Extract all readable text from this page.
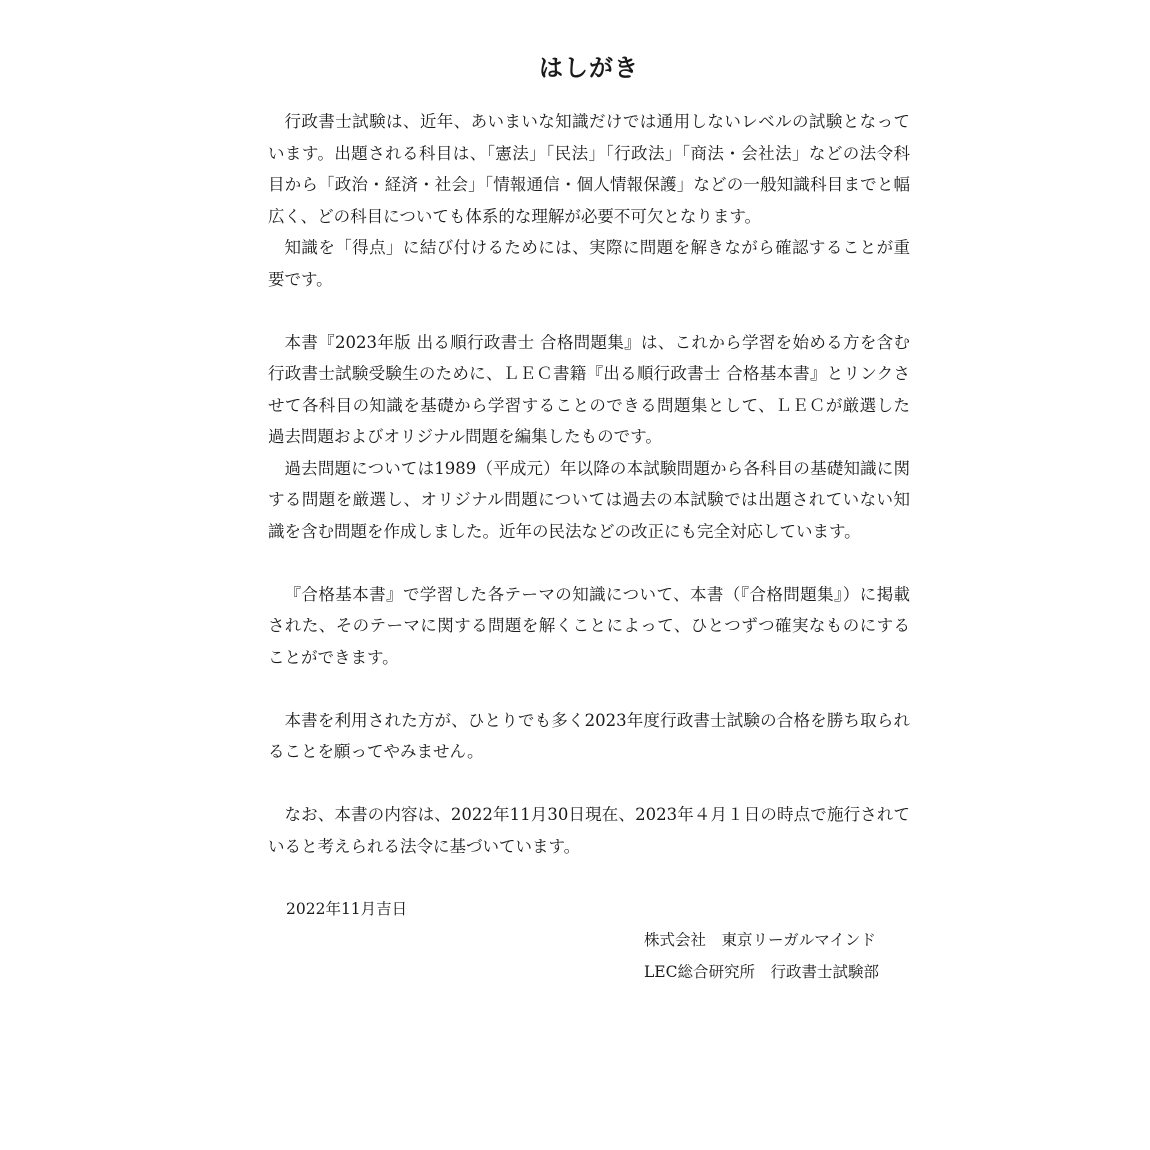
はしがき

行政書士試験は、近年、あいまいな知識だけでは通用しないレベルの試験となっています。出題される科目は、「憲法」「民法」「行政法」「商法・会社法」などの法令科目から「政治・経済・社会」「情報通信・個人情報保護」などの一般知識科目までと幅広く、どの科目についても体系的な理解が必要不可欠となります。

知識を「得点」に結び付けるためには、実際に問題を解きながら確認することが重要です。

本書『2023年版 出る順行政書士 合格問題集』は、これから学習を始める方を含む行政書士試験受験生のために、ＬＥＣ書籍『出る順行政書士 合格基本書』とリンクさせて各科目の知識を基礎から学習することのできる問題集として、ＬＥＣが厳選した過去問題およびオリジナル問題を編集したものです。

過去問題については1989（平成元）年以降の本試験問題から各科目の基礎知識に関する問題を厳選し、オリジナル問題については過去の本試験では出題されていない知識を含む問題を作成しました。近年の民法などの改正にも完全対応しています。

『合格基本書』で学習した各テーマの知識について、本書（『合格問題集』）に掲載された、そのテーマに関する問題を解くことによって、ひとつずつ確実なものにすることができます。

本書を利用された方が、ひとりでも多く2023年度行政書士試験の合格を勝ち取られることを願ってやみません。

なお、本書の内容は、2022年11月30日現在、2023年４月１日の時点で施行されていると考えられる法令に基づいています。

2022年11月吉日

株式会社　東京リーガルマインド

LEC総合研究所　行政書士試験部
